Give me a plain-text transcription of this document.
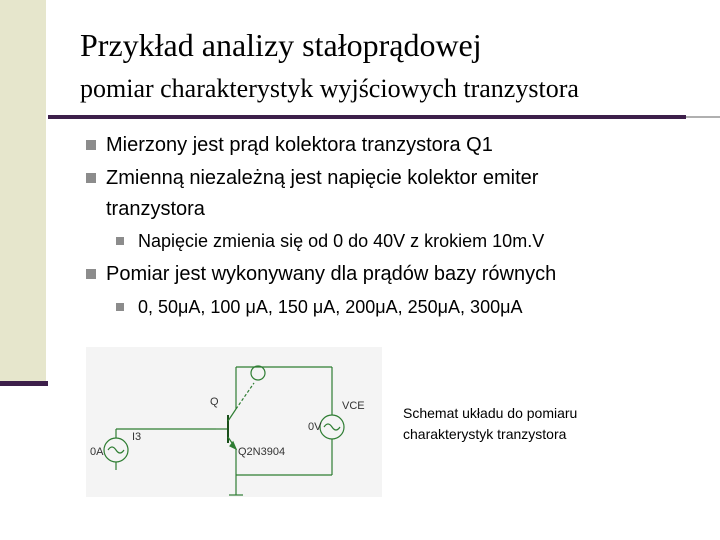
Przykład analizy stałoprądowej
pomiar charakterystyk wyjściowych tranzystora
Mierzony jest prąd kolektora tranzystora Q1
Zmienną niezależną jest napięcie kolektor emiter
tranzystora
Napięcie zmienia się od 0 do 40V z krokiem 10m.V
Pomiar jest wykonywany dla prądów bazy równych
0, 50μA, 100 μA, 150 μA, 200μA, 250μA, 300μA
Q
I3
0A
VCE
0V
Q2N3904
Schemat układu do pomiaru
charakterystyk tranzystora
